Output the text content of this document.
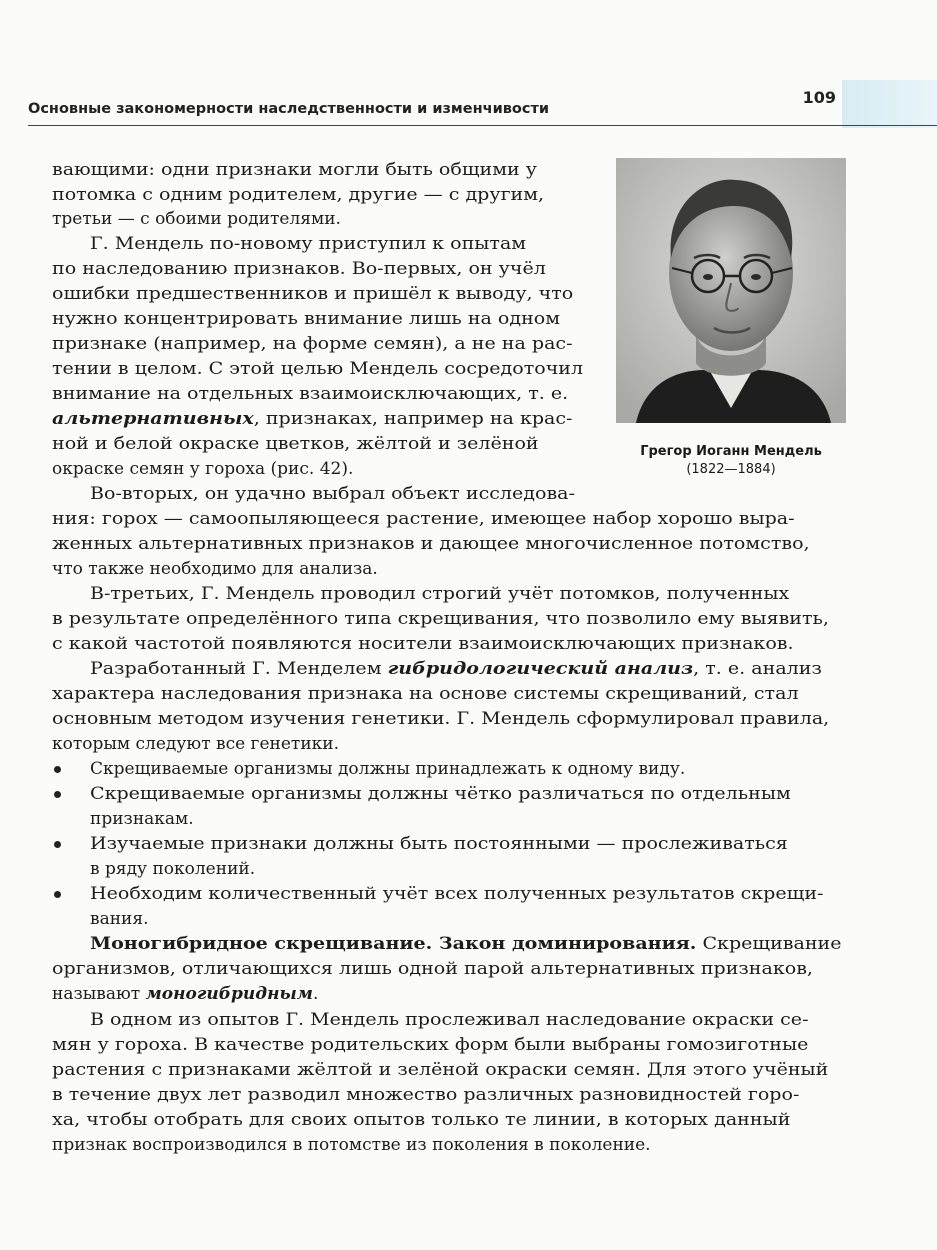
109
Основные закономерности наследственности и изменчивости
Грегор Иоганн Мендель
(1822—1884)
вающими: одни признаки могли быть общими у
потомка с одним родителем, другие — с другим,
третьи — с обоими родителями.
Г. Мендель по-новому приступил к опытам
по наследованию признаков. Во-первых, он учёл
ошибки предшественников и пришёл к выводу, что
нужно концентрировать внимание лишь на одном
признаке (например, на форме семян), а не на рас-
тении в целом. С этой целью Мендель сосредоточил
внимание на отдельных взаимоисключающих, т. е.
альтернативных, признаках, например на крас-
ной и белой окраске цветков, жёлтой и зелёной
окраске семян у гороха (рис. 42).
Во-вторых, он удачно выбрал объект исследова-
ния: горох — самоопыляющееся растение, имеющее набор хорошо выра-
женных альтернативных признаков и дающее многочисленное потомство,
что также необходимо для анализа.
В-третьих, Г. Мендель проводил строгий учёт потомков, полученных
в результате определённого типа скрещивания, что позволило ему выявить,
с какой частотой появляются носители взаимоисключающих признаков.
Разработанный Г. Менделем гибридологический анализ, т. е. анализ
характера наследования признака на основе системы скрещиваний, стал
основным методом изучения генетики. Г. Мендель сформулировал правила,
которым следуют все генетики.
Скрещиваемые организмы должны принадлежать к одному виду.
Скрещиваемые организмы должны чётко различаться по отдельным
признакам.
Изучаемые признаки должны быть постоянными — прослеживаться
в ряду поколений.
Необходим количественный учёт всех полученных результатов скрещи-
вания.
Моногибридное скрещивание. Закон доминирования. Скрещивание
организмов, отличающихся лишь одной парой альтернативных признаков,
называют моногибридным.
В одном из опытов Г. Мендель прослеживал наследование окраски се-
мян у гороха. В качестве родительских форм были выбраны гомозиготные
растения с признаками жёлтой и зелёной окраски семян. Для этого учёный
в течение двух лет разводил множество различных разновидностей горо-
ха, чтобы отобрать для своих опытов только те линии, в которых данный
признак воспроизводился в потомстве из поколения в поколение.
